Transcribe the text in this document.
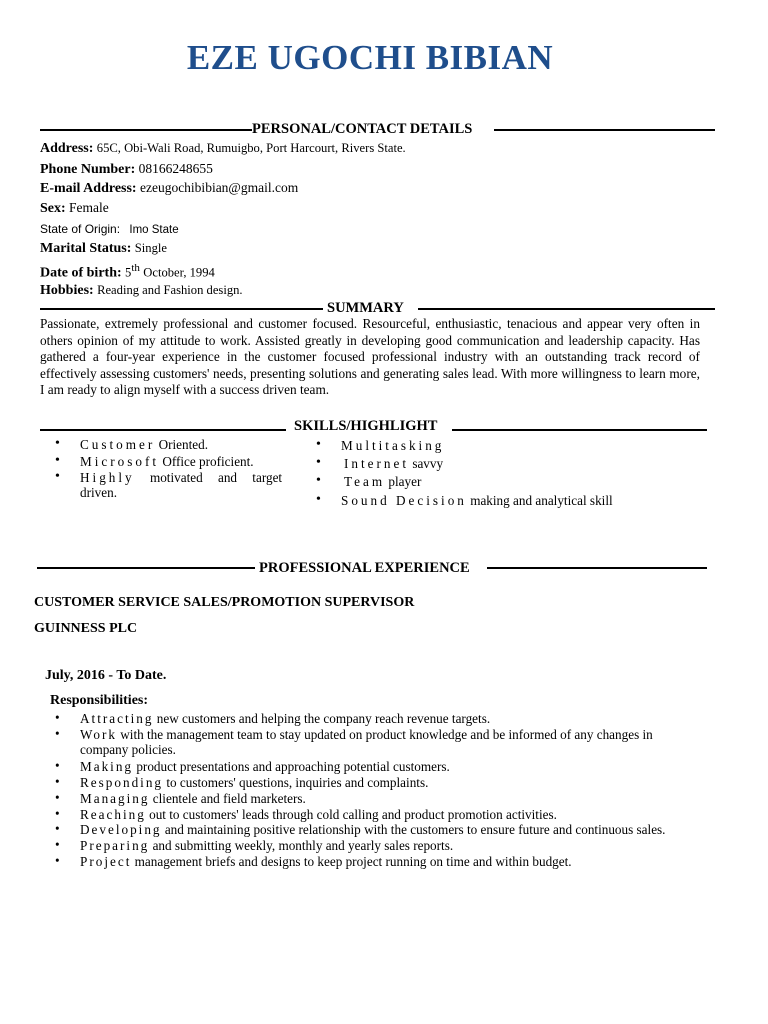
EZE UGOCHI BIBIAN
PERSONAL/CONTACT DETAILS
Address: 65C, Obi-Wali Road, Rumuigbo, Port Harcourt, Rivers State.
Phone Number: 08166248655
E-mail Address: ezeugochibibian@gmail.com
Sex: Female
State of Origin: Imo State
Marital Status: Single
Date of birth: 5th October, 1994
Hobbies: Reading and Fashion design.
SUMMARY
Passionate, extremely professional and customer focused. Resourceful, enthusiastic, tenacious and appear very often in others opinion of my attitude to work. Assisted greatly in developing good communication and leadership capacity. Has gathered a four-year experience in the customer focused professional industry with an outstanding track record of effectively assessing customers' needs, presenting solutions and generating sales lead. With more willingness to learn more, I am ready to align myself with a success driven team.
SKILLS/HIGHLIGHT
• Customer Oriented.
• Microsoft Office proficient.
• Highly motivated and target
driven.
• Multitasking
• Internet savvy
• Team player
• Sound Decision making and analytical skill
PROFESSIONAL EXPERIENCE
CUSTOMER SERVICE SALES/PROMOTION SUPERVISOR
GUINNESS PLC
July, 2016 - To Date.
Responsibilities:
• Attracting new customers and helping the company reach revenue targets.
• Work with the management team to stay updated on product knowledge and be informed of any changes in
company policies.
• Making product presentations and approaching potential customers.
• Responding to customers' questions, inquiries and complaints.
• Managing clientele and field marketers.
• Reaching out to customers' leads through cold calling and product promotion activities.
• Developing and maintaining positive relationship with the customers to ensure future and continuous sales.
• Preparing and submitting weekly, monthly and yearly sales reports.
• Project management briefs and designs to keep project running on time and within budget.
